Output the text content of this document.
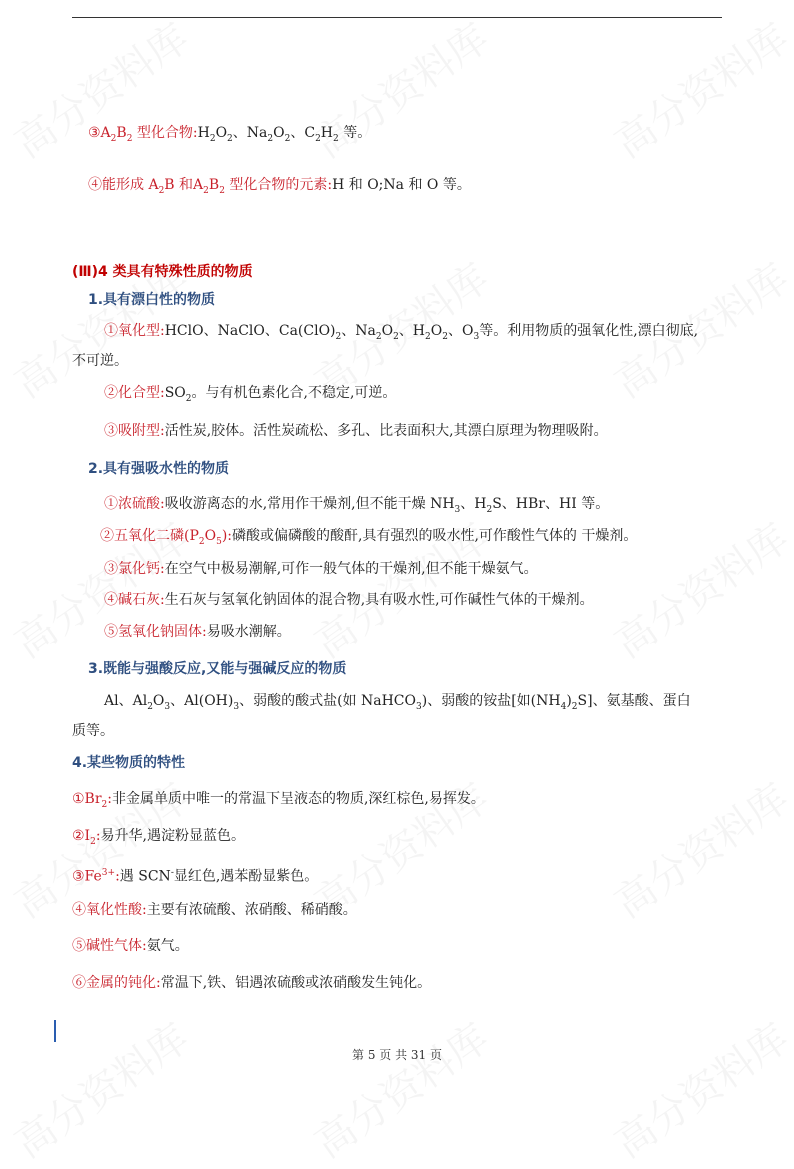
$③A_2B_2$ 型化合物$:H_2O_2$、$Na_2O_2$、$C_2H_2$ 等。
④能形成 $A_2B$ 和$A_2B_2$ 型化合物的元素:H 和 O;Na 和 O 等。
(Ⅲ)4 类具有特殊性质的物质
1.具有漂白性的物质
①氧化型:HClO、NaClO、$Ca(ClO)_2$、$Na_2O_2$、$H_2O_2$、$O_3$等。利用物质的强氧化性,漂白彻底,
不可逆。
②化合型$:SO_2$。与有机色素化合,不稳定,可逆。
③吸附型:活性炭,胶体。活性炭疏松、多孔、比表面积大,其漂白原理为物理吸附。
2.具有强吸水性的物质
①浓硫酸:吸收游离态的水,常用作干燥剂,但不能干燥 $NH_3$、$H_2S$、HBr、HI 等。
②五氧化二磷$(P_2O_5)$:磷酸或偏磷酸的酸酐,具有强烈的吸水性,可作酸性气体的 干燥剂。
③氯化钙:在空气中极易潮解,可作一般气体的干燥剂,但不能干燥氨气。
④碱石灰:生石灰与氢氧化钠固体的混合物,具有吸水性,可作碱性气体的干燥剂。
⑤氢氧化钠固体:易吸水潮解。
3.既能与强酸反应,又能与强碱反应的物质
Al、$Al_2O_3$、$Al(OH)_3$、弱酸的酸式盐(如 NaHCO$_3$)、弱酸的铵盐[如$(NH_4)_2S$]、氨基酸、蛋白
质等。
4.某些物质的特性
$①Br_2$:非金属单质中唯一的常温下呈液态的物质,深红棕色,易挥发。
$②I_2$:易升华,遇淀粉显蓝色。
$③Fe^{3+}$:遇 SCN-显红色,遇苯酚显紫色。
④氧化性酸:主要有浓硫酸、浓硝酸、稀硝酸。
⑤碱性气体:氨气。
⑥金属的钝化:常温下,铁、铝遇浓硫酸或浓硝酸发生钝化。
第 5 页 共 31 页
